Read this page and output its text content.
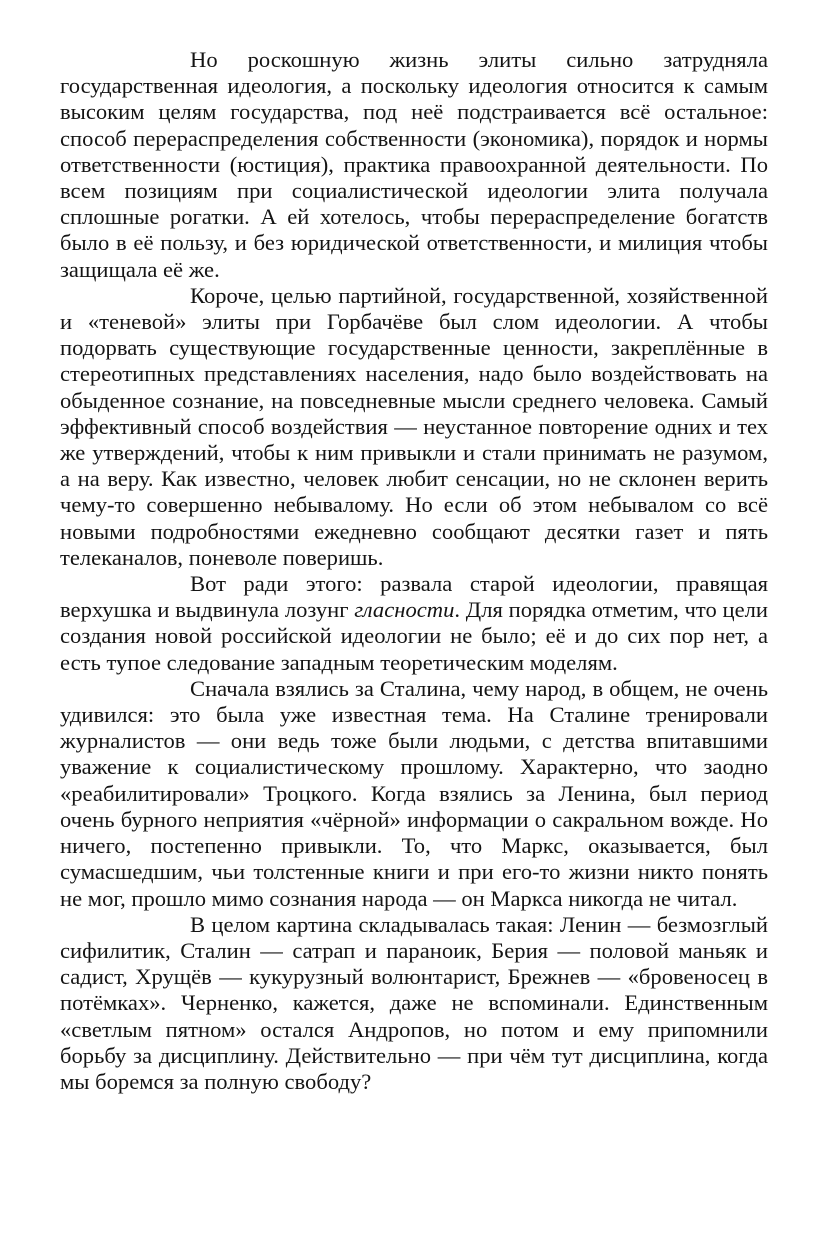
Но роскошную жизнь элиты сильно затрудняла государственная идеология, а поскольку идеология относится к самым высоким целям государства, под неё подстраивается всё остальное: способ перераспределения собственности (экономика), порядок и нормы ответственности (юстиция), практика правоохранной деятельности. По всем позициям при социалистической идеологии элита получала сплошные рогатки. А ей хотелось, чтобы перераспределение богатств было в её пользу, и без юридической ответственности, и милиция чтобы защищала её же.

Короче, целью партийной, государственной, хозяйственной и «теневой» элиты при Горбачёве был слом идеологии. А чтобы подорвать существующие государственные ценности, закреплённые в стереотипных представлениях населения, надо было воздействовать на обыденное сознание, на повседневные мысли среднего человека. Самый эффективный способ воздействия — неустанное повторение одних и тех же утверждений, чтобы к ним привыкли и стали принимать не разумом, а на веру. Как известно, человек любит сенсации, но не склонен верить чему-то совершенно небывалому. Но если об этом небывалом со всё новыми подробностями ежедневно сообщают десятки газет и пять телеканалов, поневоле поверишь.

Вот ради этого: развала старой идеологии, правящая верхушка и выдвинула лозунг гласности. Для порядка отметим, что цели создания новой российской идеологии не было; её и до сих пор нет, а есть тупое следование западным теоретическим моделям.

Сначала взялись за Сталина, чему народ, в общем, не очень удивился: это была уже известная тема. На Сталине тренировали журналистов — они ведь тоже были людьми, с детства впитавшими уважение к социалистическому прошлому. Характерно, что заодно «реабилитировали» Троцкого. Когда взялись за Ленина, был период очень бурного неприятия «чёрной» информации о сакральном вожде. Но ничего, постепенно привыкли. То, что Маркс, оказывается, был сумасшедшим, чьи толстенные книги и при его-то жизни никто понять не мог, прошло мимо сознания народа — он Маркса никогда не читал.

В целом картина складывалась такая: Ленин — безмозглый сифилитик, Сталин — сатрап и параноик, Берия — половой маньяк и садист, Хрущёв — кукурузный волюнтарист, Брежнев — «бровеносец в потёмках». Черненко, кажется, даже не вспоминали. Единственным «светлым пятном» остался Андропов, но потом и ему припомнили борьбу за дисциплину. Действительно — при чём тут дисциплина, когда мы боремся за полную свободу?
